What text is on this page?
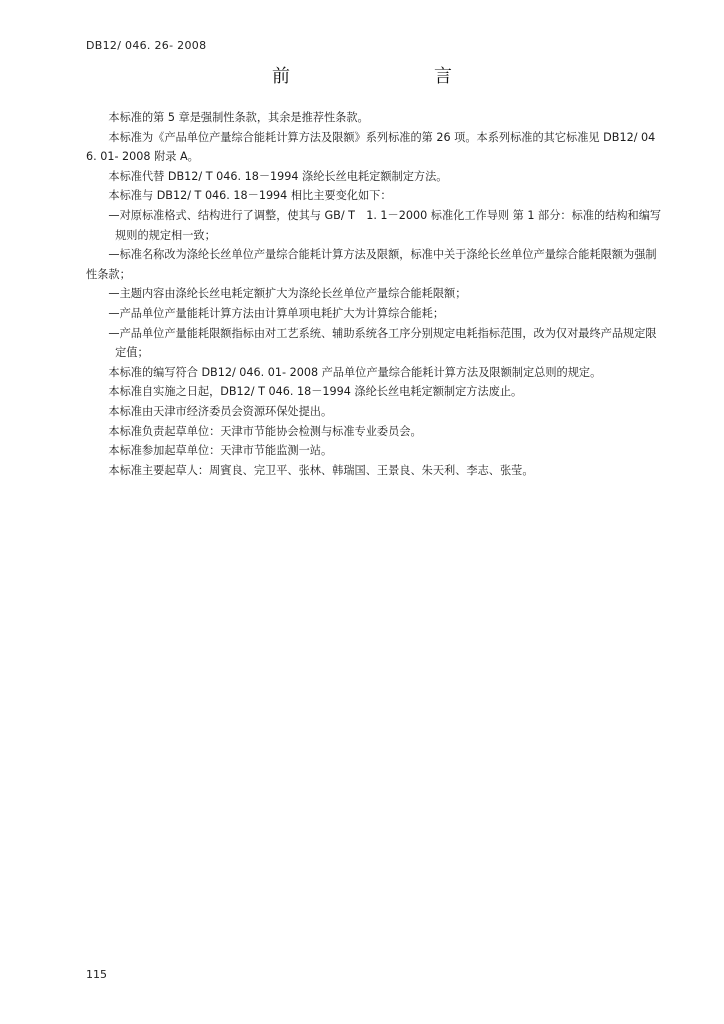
DB12/ 046. 26- 2008
前　　言

本标准的第 5 章是强制性条款，其余是推荐性条款。

本标准为《产品单位产量综合能耗计算方法及限额》系列标准的第 26 项。本系列标准的其它标准见 DB12/ 046. 01- 2008 附录 A。

本标准代替 DB12/ T 046. 18－1994 涤纶长丝电耗定额制定方法。

本标准与 DB12/ T 046. 18－1994 相比主要变化如下：

—对原标准格式、结构进行了调整，使其与 GB/ T　1. 1－2000 标准化工作导则 第 1 部分：标准的结构和编写规则的规定相一致；

—标准名称改为涤纶长丝单位产量综合能耗计算方法及限额，标准中关于涤纶长丝单位产量综合能耗限额为强制性条款；

—主题内容由涤纶长丝电耗定额扩大为涤纶长丝单位产量综合能耗限额；

—产品单位产量能耗计算方法由计算单项电耗扩大为计算综合能耗；

—产品单位产量能耗限额指标由对工艺系统、辅助系统各工序分别规定电耗指标范围，改为仅对最终产品规定限定值；

本标准的编写符合 DB12/ 046. 01- 2008 产品单位产量综合能耗计算方法及限额制定总则的规定。

本标准自实施之日起，DB12/ T 046. 18－1994 涤纶长丝电耗定额制定方法废止。

本标准由天津市经济委员会资源环保处提出。

本标准负责起草单位：天津市节能协会检测与标准专业委员会。

本标准参加起草单位：天津市节能监测一站。

本标准主要起草人：周賓良、完卫平、张林、韩瑞国、王景良、朱天利、李志、张莹。

115
